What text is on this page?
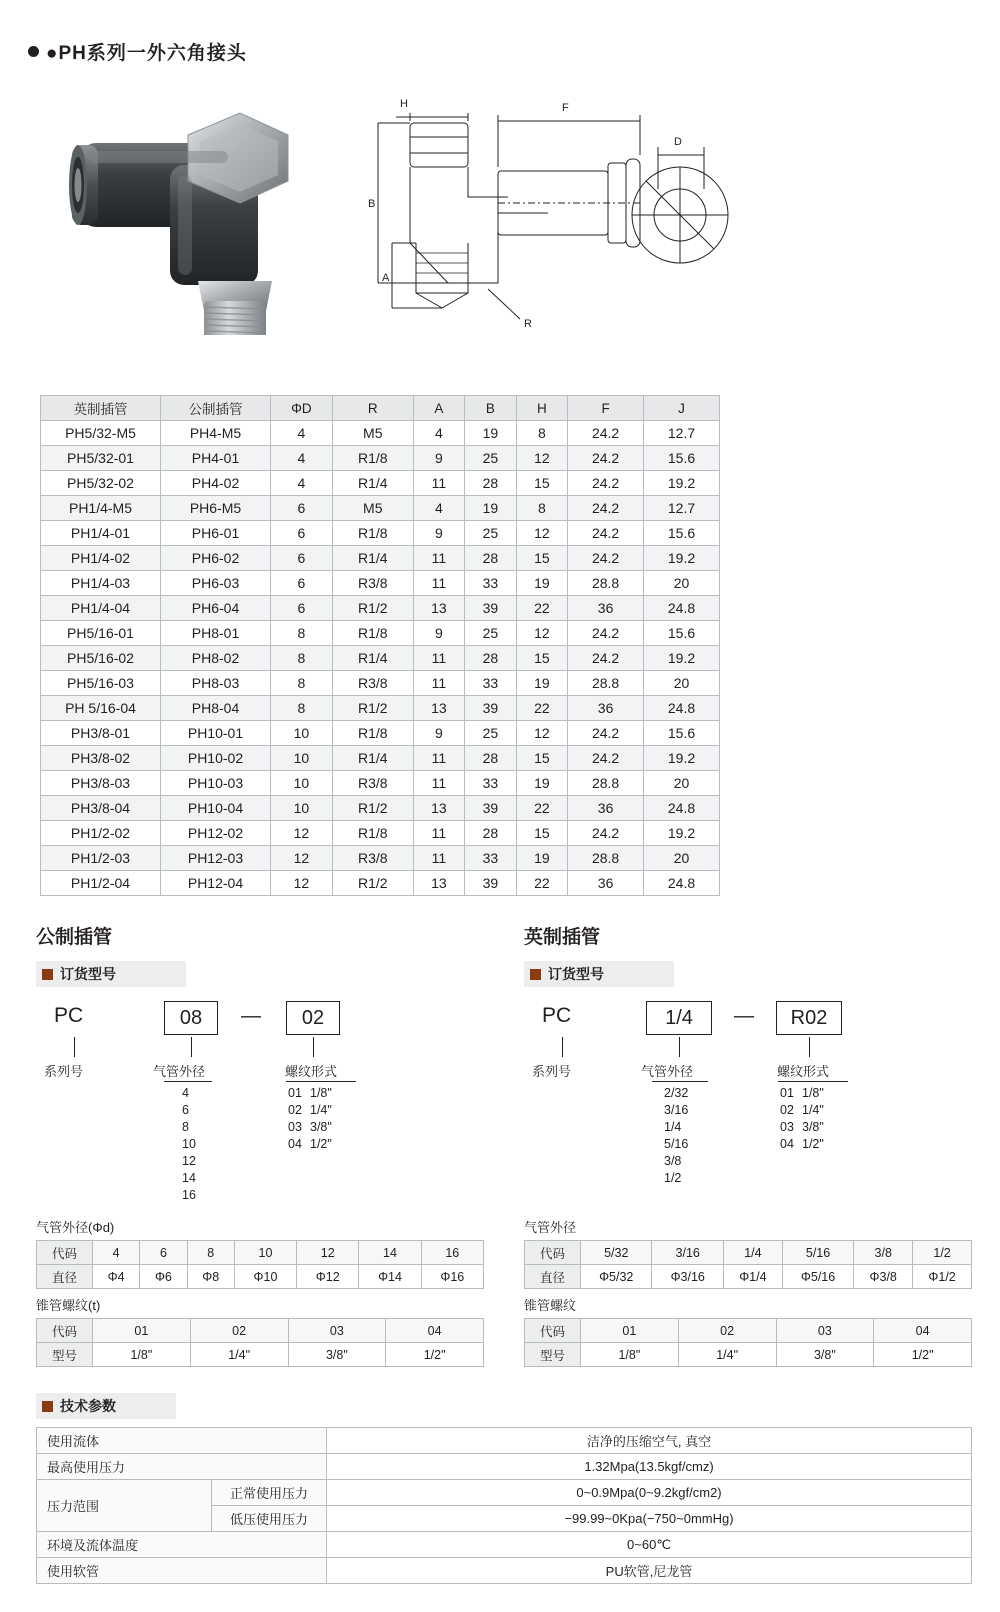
●PH系列一外六角接头
H	F
B
A
R
D
英制插管	公制插管	ΦD	R	A	B	H	F	J
PH5/32-M5	PH4-M5	4	M5	4	19	8	24.2	12.7
PH5/32-01	PH4-01	4	R1/8	9	25	12	24.2	15.6
PH5/32-02	PH4-02	4	R1/4	11	28	15	24.2	19.2
PH1/4-M5	PH6-M5	6	M5	4	19	8	24.2	12.7
PH1/4-01	PH6-01	6	R1/8	9	25	12	24.2	15.6
PH1/4-02	PH6-02	6	R1/4	11	28	15	24.2	19.2
PH1/4-03	PH6-03	6	R3/8	11	33	19	28.8	20
PH1/4-04	PH6-04	6	R1/2	13	39	22	36	24.8
PH5/16-01	PH8-01	8	R1/8	9	25	12	24.2	15.6
PH5/16-02	PH8-02	8	R1/4	11	28	15	24.2	19.2
PH5/16-03	PH8-03	8	R3/8	11	33	19	28.8	20
PH 5/16-04	PH8-04	8	R1/2	13	39	22	36	24.8
PH3/8-01	PH10-01	10	R1/8	9	25	12	24.2	15.6
PH3/8-02	PH10-02	10	R1/4	11	28	15	24.2	19.2
PH3/8-03	PH10-03	10	R3/8	11	33	19	28.8	20
PH3/8-04	PH10-04	10	R1/2	13	39	22	36	24.8
PH1/2-02	PH12-02	12	R1/8	11	28	15	24.2	19.2
PH1/2-03	PH12-03	12	R3/8	11	33	19	28.8	20
PH1/2-04	PH12-04	12	R1/2	13	39	22	36	24.8
公制插管
订货型号
PC	08	—	02
系列号	气管外径	螺纹形式
4
6
8
10
12
14
16
01 1/8"
02 1/4"
03 3/8"
04 1/2"
气管外径(Φd)
代码	4	6	8	10	12	14	16
直径	Φ4	Φ6	Φ8	Φ10	Φ12	Φ14	Φ16
锥管螺纹(t)
代码	01	02	03	04
型号	1/8"	1/4"	3/8"	1/2"
英制插管
订货型号
PC	1/4	—	R02
系列号	气管外径	螺纹形式
2/32
3/16
1/4
5/16
3/8
1/2
01 1/8"
02 1/4"
03 3/8"
04 1/2"
气管外径
代码	5/32	3/16	1/4	5/16	3/8	1/2
直径	Φ5/32	Φ3/16	Φ1/4	Φ5/16	Φ3/8	Φ1/2
锥管螺纹
代码	01	02	03	04
型号	1/8"	1/4"	3/8"	1/2"
技术参数
使用流体		洁净的压缩空气, 真空
最高使用压力		1.32Mpa(13.5kgf/cmz)
压力范围	正常使用压力	0~0.9Mpa(0~9.2kgf/cm2)
	低压使用压力	−99.99~0Kpa(−750~0mmHg)
环境及流体温度		0~60℃
使用软管		PU软管,尼龙管
